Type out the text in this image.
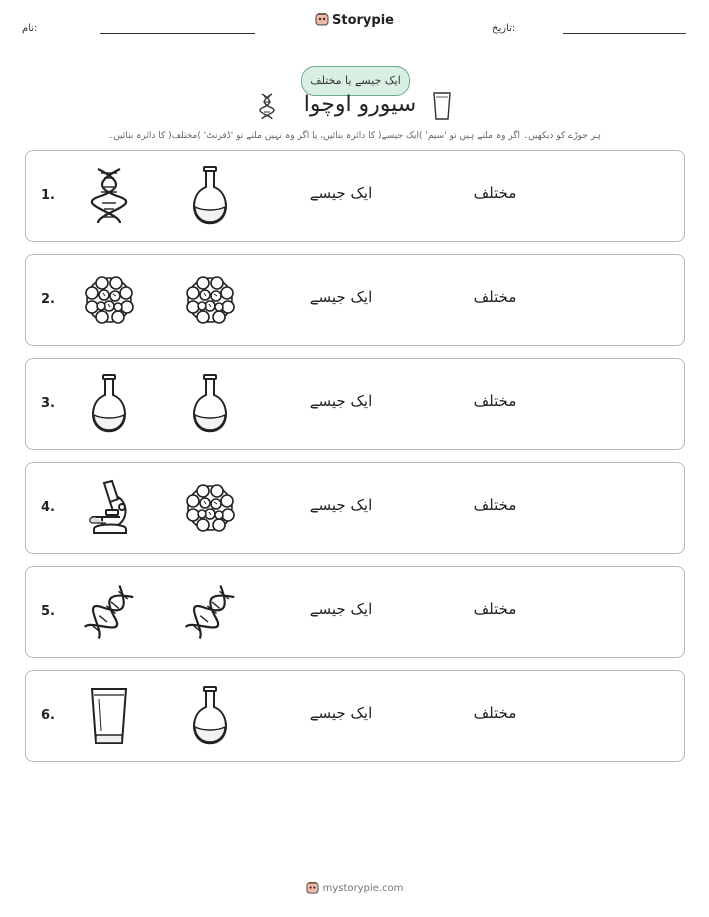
نام:
Storypie
تاریخ:
ایک جیسے یا مختلف
سیورو اوچوا
ہر جوڑے کو دیکھیں۔ اگر وہ ملتے ہیں تو 'سیم' )ایک جیسے( کا دائرہ بنائیں، یا اگر وہ نہیں ملتے تو 'ڈفرنٹ' )مختلف( کا دائرہ بنائیں۔
1.	ایک جیسے	مختلف
2.	ایک جیسے	مختلف
3.	ایک جیسے	مختلف
4.	ایک جیسے	مختلف
5.	ایک جیسے	مختلف
6.	ایک جیسے	مختلف
mystorypie.com
